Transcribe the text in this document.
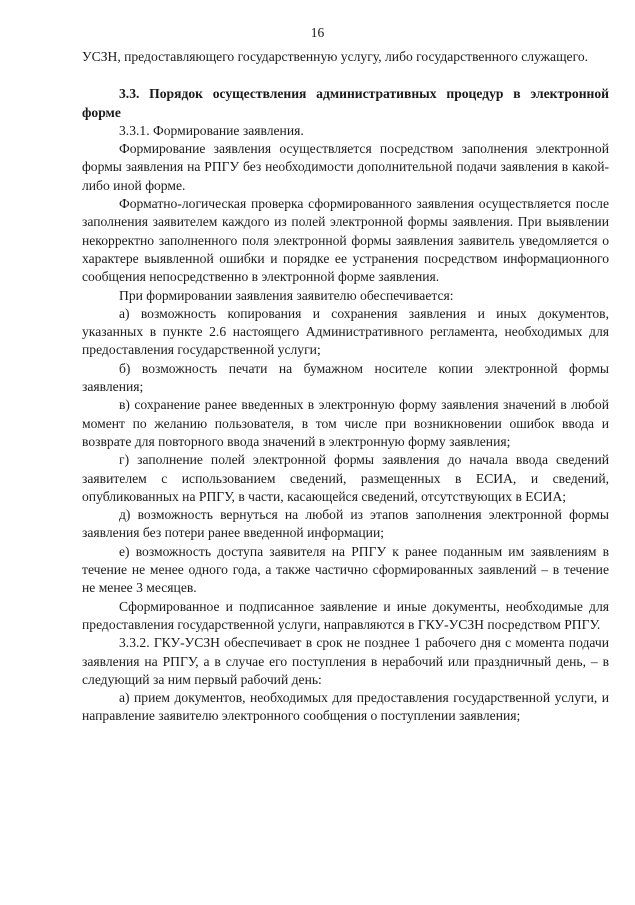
16

УСЗН, предоставляющего государственную услугу, либо государственного служащего.

3.3. Порядок осуществления административных процедур в электронной форме

3.3.1. Формирование заявления.

Формирование заявления осуществляется посредством заполнения электронной формы заявления на РПГУ без необходимости дополнительной подачи заявления в какой-либо иной форме.

Форматно-логическая проверка сформированного заявления осуществляется после заполнения заявителем каждого из полей электронной формы заявления. При выявлении некорректно заполненного поля электронной формы заявления заявитель уведомляется о характере выявленной ошибки и порядке ее устранения посредством информационного сообщения непосредственно в электронной форме заявления.

При формировании заявления заявителю обеспечивается:

а) возможность копирования и сохранения заявления и иных документов, указанных в пункте 2.6 настоящего Административного регламента, необходимых для предоставления государственной услуги;

б) возможность печати на бумажном носителе копии электронной формы заявления;

в) сохранение ранее введенных в электронную форму заявления значений в любой момент по желанию пользователя, в том числе при возникновении ошибок ввода и возврате для повторного ввода значений в электронную форму заявления;

г) заполнение полей электронной формы заявления до начала ввода сведений заявителем с использованием сведений, размещенных в ЕСИА, и сведений, опубликованных на РПГУ, в части, касающейся сведений, отсутствующих в ЕСИА;

д) возможность вернуться на любой из этапов заполнения электронной формы заявления без потери ранее введенной информации;

е) возможность доступа заявителя на РПГУ к ранее поданным им заявлениям в течение не менее одного года, а также частично сформированных заявлений – в течение не менее 3 месяцев.

Сформированное и подписанное заявление и иные документы, необходимые для предоставления государственной услуги, направляются в ГКУ-УСЗН посредством РПГУ.

3.3.2. ГКУ-УСЗН обеспечивает в срок не позднее 1 рабочего дня с момента подачи заявления на РПГУ, а в случае его поступления в нерабочий или праздничный день, – в следующий за ним первый рабочий день:

а) прием документов, необходимых для предоставления государственной услуги, и направление заявителю электронного сообщения о поступлении заявления;
